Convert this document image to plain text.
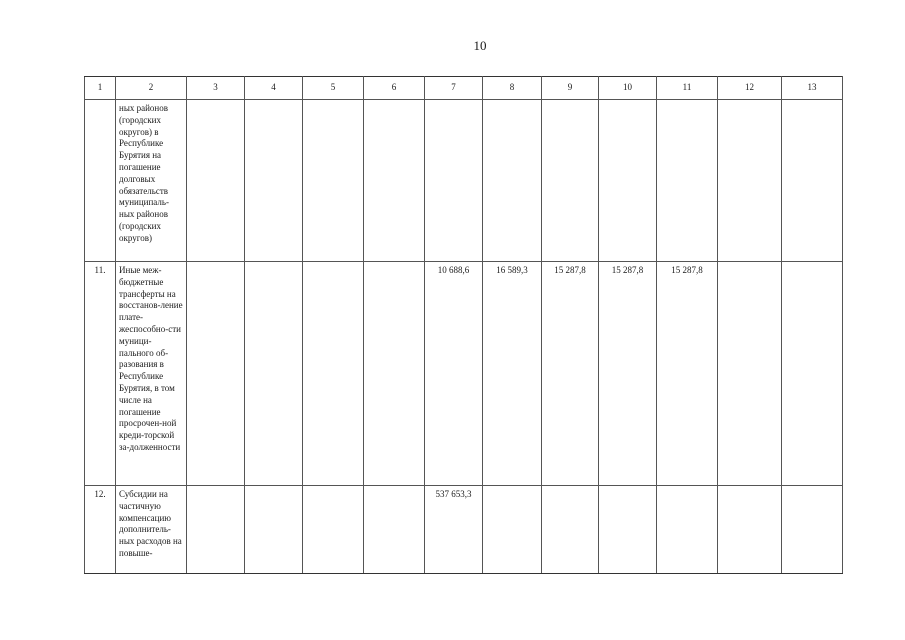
10
1	2	3	4	5	6	7	8	9	10	11	12	13
	ных районов (городских округов) в Республике Бурятия на погашение долговых обязательств муниципаль-ных районов (городских округов)											
11.	Иные меж-бюджетные трансферты на восстанов-ление плате-жеспособно-сти муници-пального об-разования в Республике Бурятия, в том числе на погашение просрочен-ной креди-торской за-долженности					10 688,6	16 589,3	15 287,8	15 287,8	15 287,8		
12.	Субсидии на частичную компенсацию дополнитель-ных расходов на повыше-					537 653,3						
